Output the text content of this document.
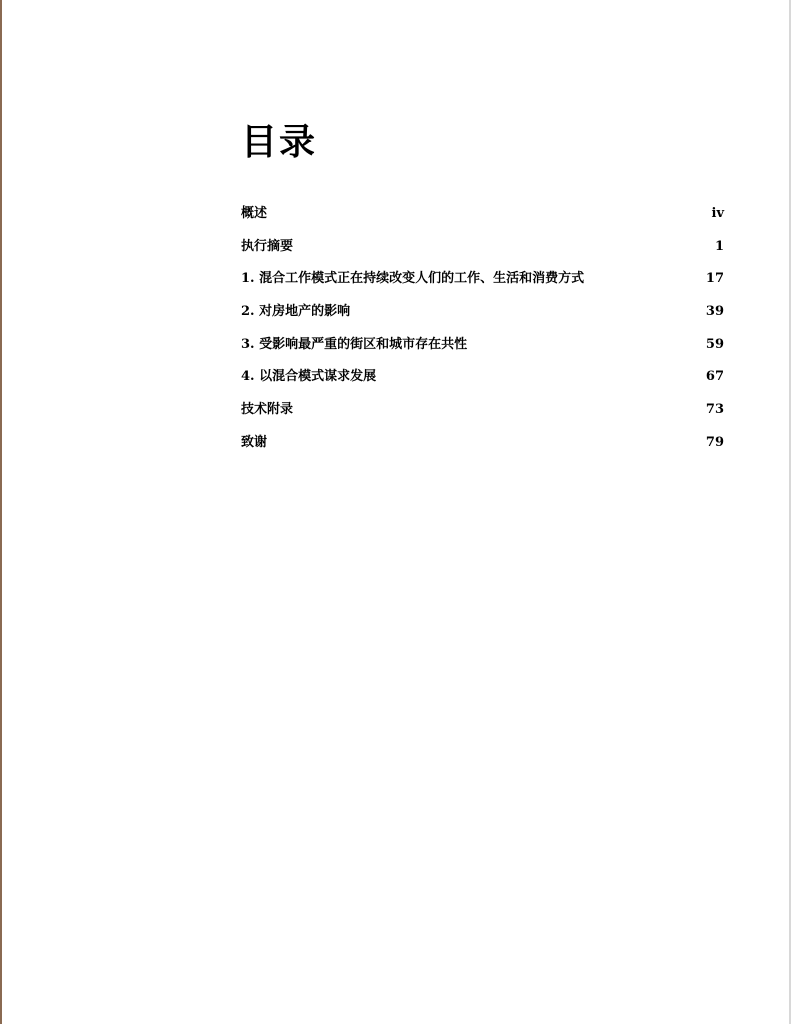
目录
概述	iv
执行摘要	1
1. 混合工作模式正在持续改变人们的工作、生活和消费方式	17
2. 对房地产的影响	39
3. 受影响最严重的街区和城市存在共性	59
4. 以混合模式谋求发展	67
技术附录	73
致谢	79
